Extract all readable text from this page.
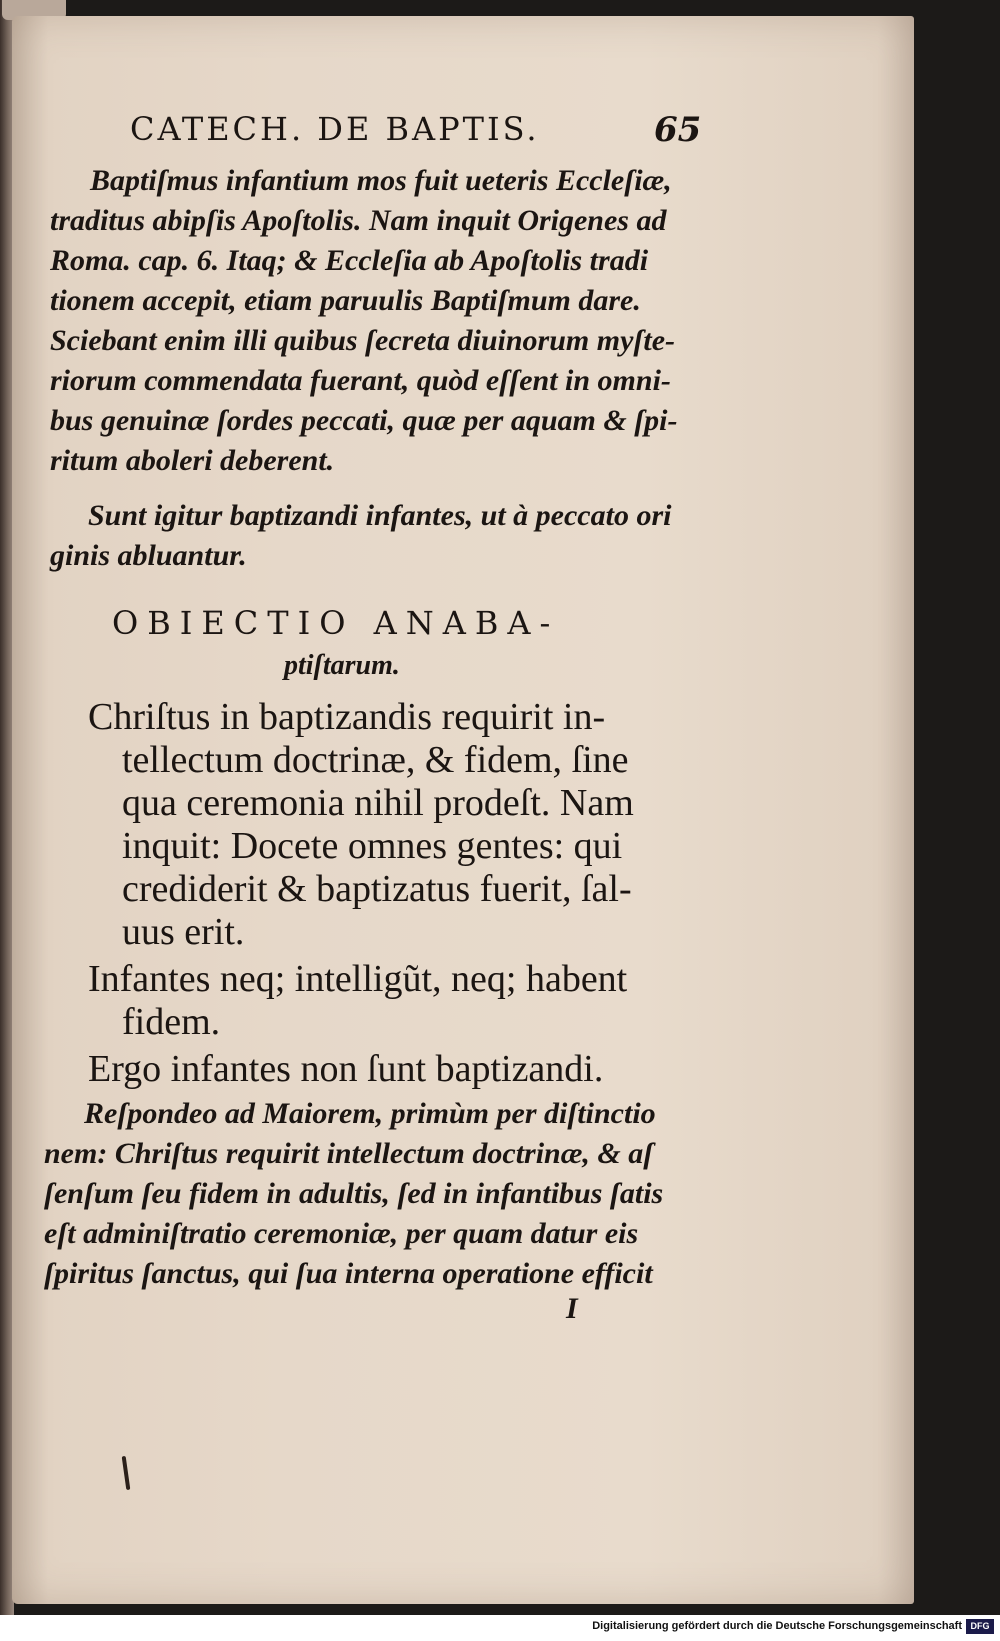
CATECH. DE BAPTIS.	65
Baptiſmus infantium mos fuit ueteris Eccleſiæ,
traditus abipſis Apoſtolis. Nam inquit Origenes ad
Roma. cap. 6. Itaq; & Eccleſia ab Apoſtolis tradi
tionem accepit, etiam paruulis Baptiſmum dare.
Sciebant enim illi quibus ſecreta diuinorum myſte-
riorum commendata fuerant, quòd eſſent in omni-
bus genuinæ ſordes peccati, quæ per aquam & ſpi-
ritum aboleri deberent.
Sunt igitur baptizandi infantes, ut à peccato ori
ginis abluantur.
OBIECTIO ANABA-
ptiſtarum.
Chriſtus in baptizandis requirit in-
tellectum doctrinæ, & fidem, ſine
qua ceremonia nihil prodeſt. Nam
inquit: Docete omnes gentes: qui
crediderit & baptizatus fuerit, ſal-
uus erit.
Infantes neq; intelligũt, neq; habent
fidem.
Ergo infantes non ſunt baptizandi.
Reſpondeo ad Maiorem, primùm per diſtinctio
nem: Chriſtus requirit intellectum doctrinæ, & aſ
ſenſum ſeu fidem in adultis, ſed in infantibus ſatis
eſt adminiſtratio ceremoniæ, per quam datur eis
ſpiritus ſanctus, qui ſua interna operatione efficit
I
Digitalisierung gefördert durch die Deutsche Forschungsgemeinschaft DFG
